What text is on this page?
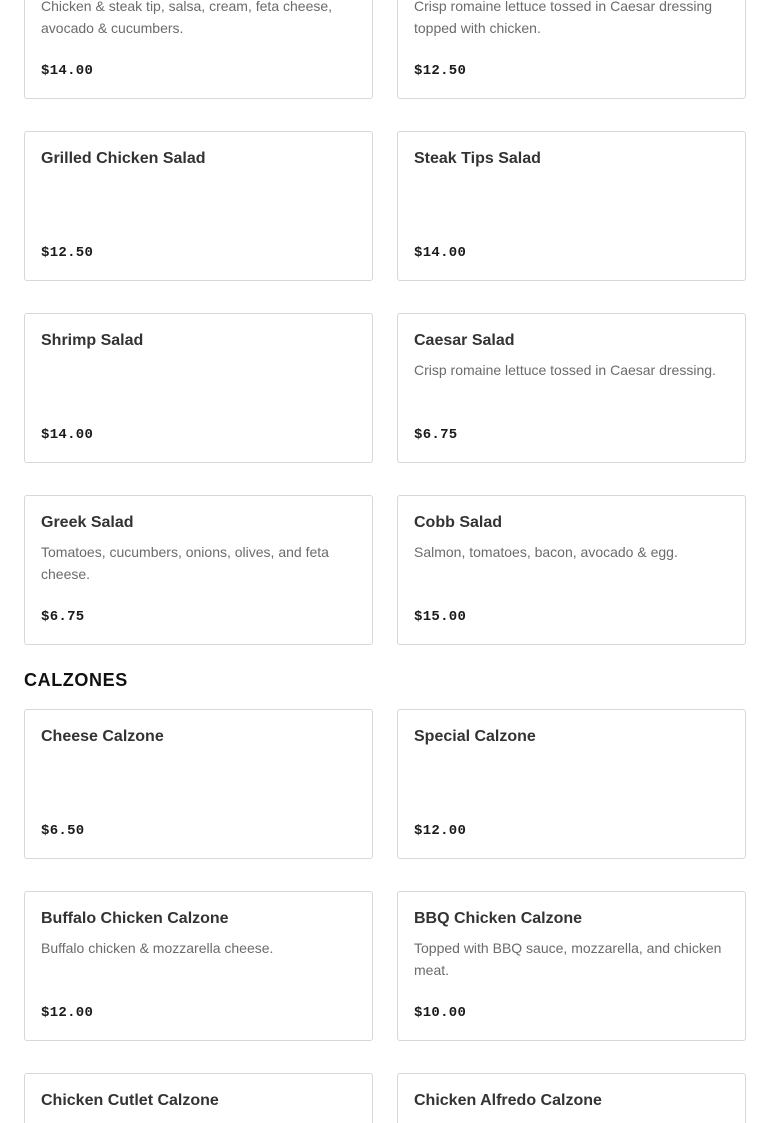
Chicken & steak tip, salsa, cream, feta cheese, avocado & cucumbers.
$14.00
Crisp romaine lettuce tossed in Caesar dressing topped with chicken.
$12.50
Grilled Chicken Salad
$12.50
Steak Tips Salad
$14.00
Shrimp Salad
$14.00
Caesar Salad
Crisp romaine lettuce tossed in Caesar dressing.
$6.75
Greek Salad
Tomatoes, cucumbers, onions, olives, and feta cheese.
$6.75
Cobb Salad
Salmon, tomatoes, bacon, avocado & egg.
$15.00
CALZONES
Cheese Calzone
$6.50
Special Calzone
$12.00
Buffalo Chicken Calzone
Buffalo chicken & mozzarella cheese.
$12.00
BBQ Chicken Calzone
Topped with BBQ sauce, mozzarella, and chicken meat.
$10.00
Chicken Cutlet Calzone	Chicken Alfredo Calzone
